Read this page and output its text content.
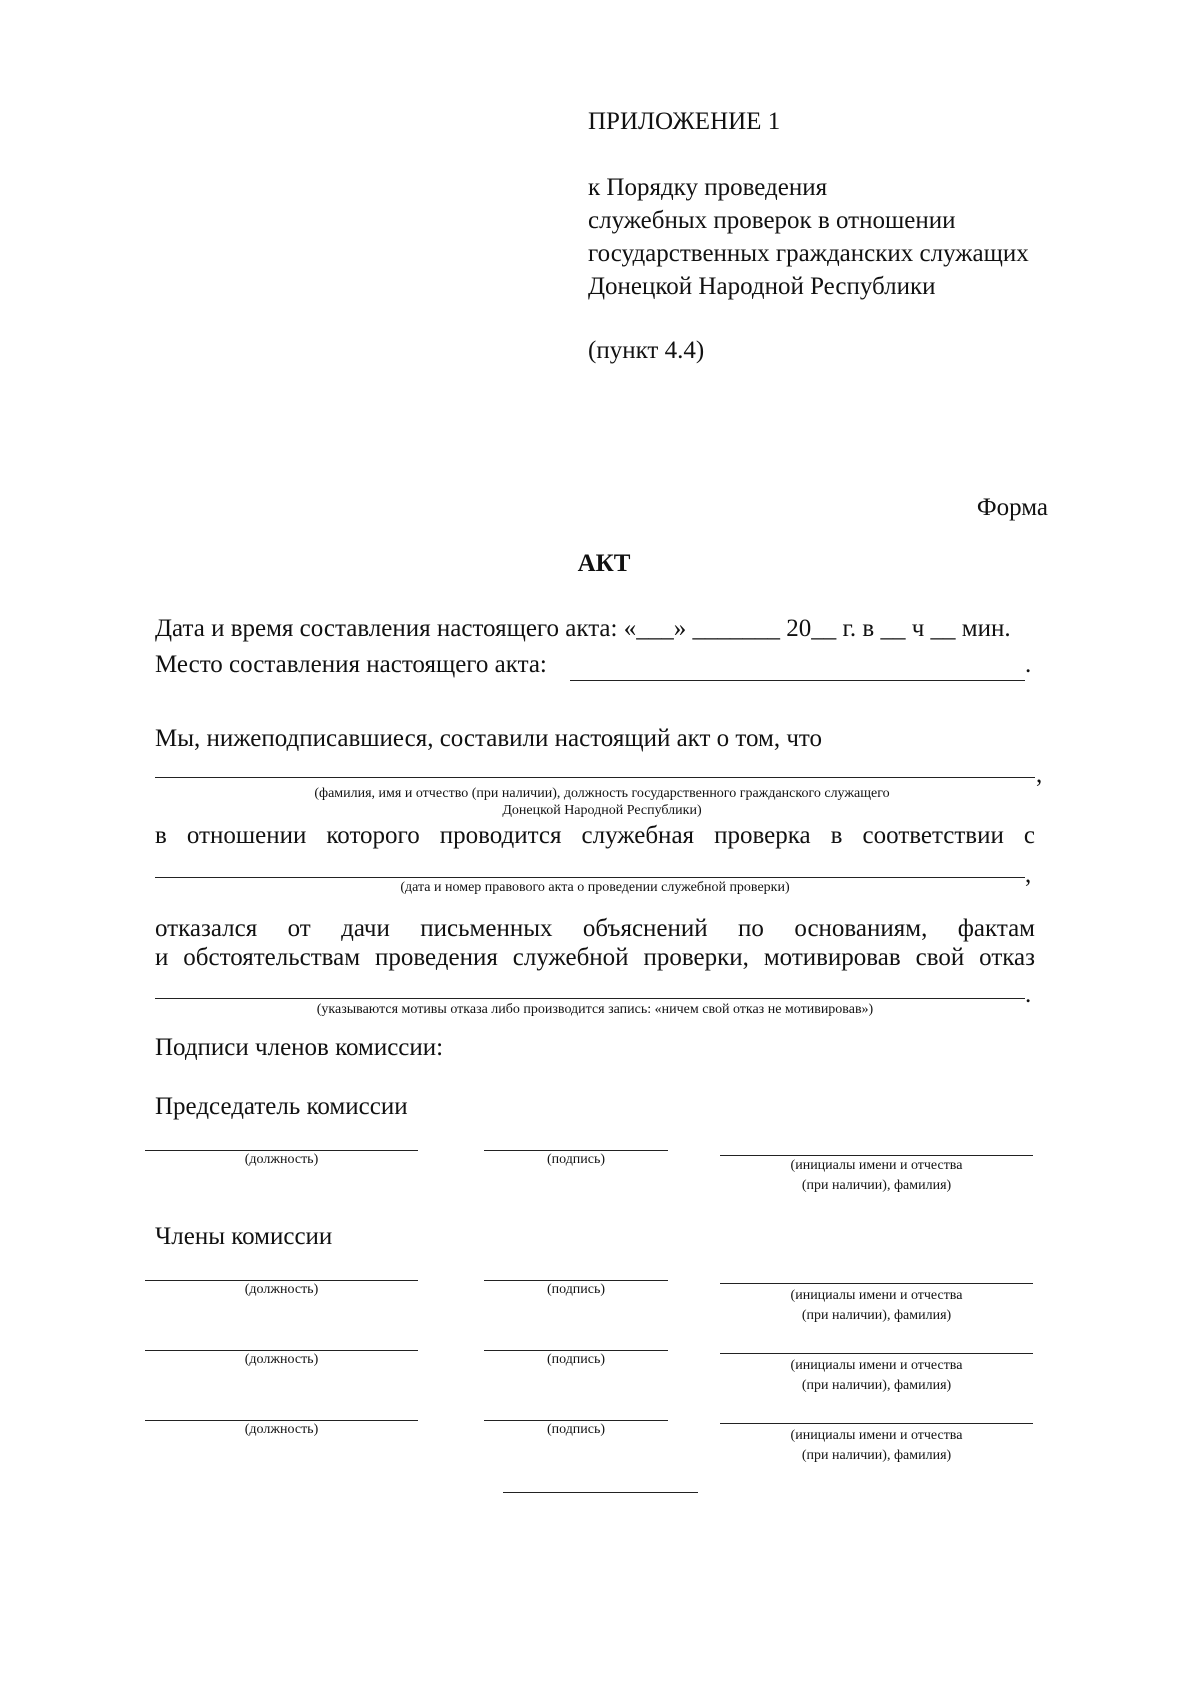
ПРИЛОЖЕНИЕ 1
к Порядку проведения
служебных проверок в отношении
государственных гражданских служащих
Донецкой Народной Республики
(пункт 4.4)
Форма
АКТ
Дата и время составления настоящего акта: «___» _______ 20__ г. в __ ч __ мин.
Место составления настоящего акта:	.
Мы, нижеподписавшиеся, составили настоящий акт о том, что
,
(фамилия, имя и отчество (при наличии), должность государственного гражданского служащего
Донецкой Народной Республики)
в отношении которого проводится служебная проверка в соответствии с
,
(дата и номер правового акта о проведении служебной проверки)
отказался от дачи письменных объяснений по основаниям, фактам
и обстоятельствам проведения служебной проверки, мотивировав свой отказ
.
(указываются мотивы отказа либо производится запись: «ничем свой отказ не мотивировав»)
Подписи членов комиссии:
Председатель комиссии
(должность)	(подпись)	(инициалы имени и отчества
(при наличии), фамилия)
Члены комиссии
(должность)	(подпись)	(инициалы имени и отчества
(при наличии), фамилия)
(должность)	(подпись)	(инициалы имени и отчества
(при наличии), фамилия)
(должность)	(подпись)	(инициалы имени и отчества
(при наличии), фамилия)
